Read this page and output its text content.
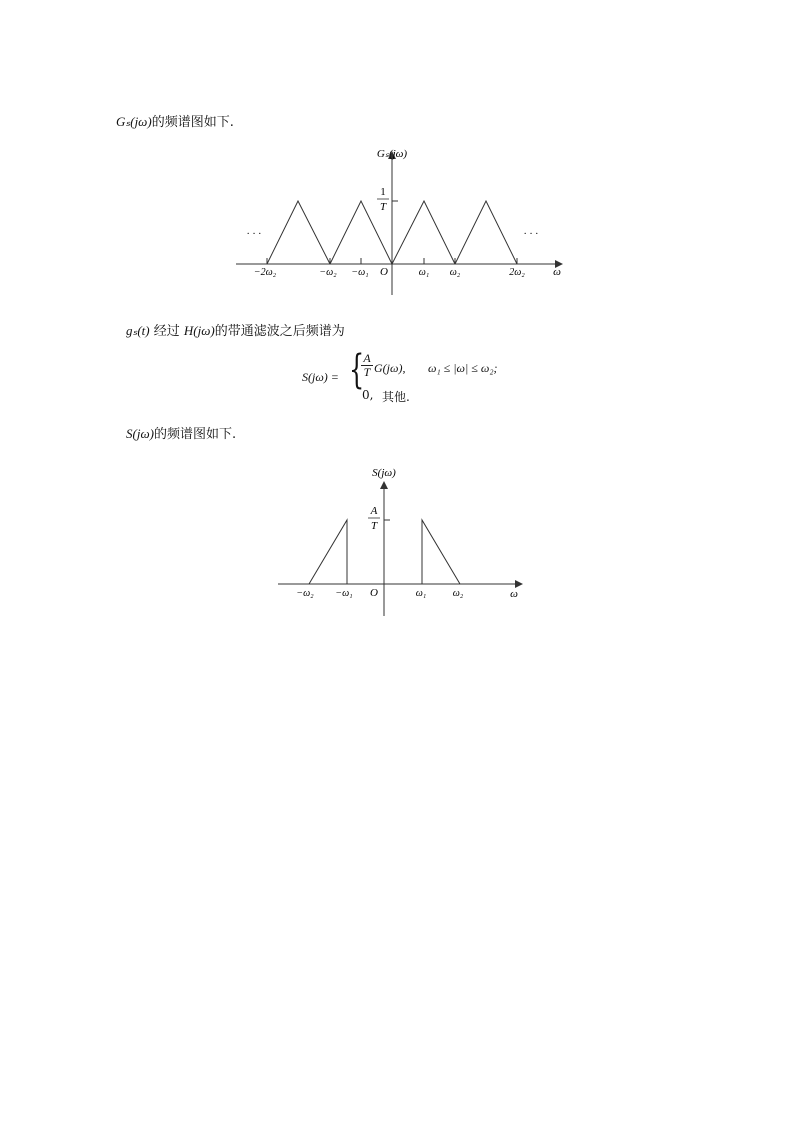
Gₛ(jω)的频谱图如下.
1
T
Gₛ(jω)
· · ·	· · ·
−2ω₂	−ω₂ −ω₁ O	ω₁ ω₂	2ω₂	ω
gₛ(t) 经过 H(jω)的带通滤波之后频谱为
S(jω) = { A
T G(jω), ω₁ ≤ |ω| ≤ ω₂;
0, 其他.
S(jω)的频谱图如下.
A
T
S(jω)
−ω₂ −ω₁ O	ω₁	ω₂	ω
